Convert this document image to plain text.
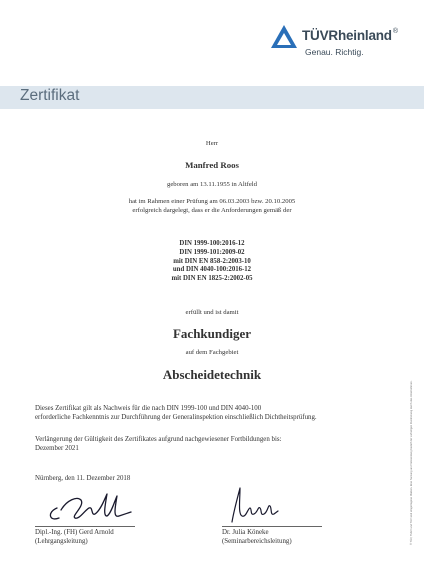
TÜVRheinland®
Genau. Richtig.
Zertifikat
Herr
Manfred Roos
geboren am 13.11.1955 in Altfeld
hat im Rahmen einer Prüfung am 06.03.2003 bzw. 20.10.2005
erfolgreich dargelegt, dass er die Anforderungen gemäß der
DIN 1999-100:2016-12
DIN 1999-101:2009-02
mit DIN EN 858-2:2003-10
und DIN 4040-100:2016-12
mit DIN EN 1825-2:2002-05
erfüllt und ist damit
Fachkundiger
auf dem Fachgebiet
Abscheidetechnik
Dieses Zertifikat gilt als Nachweis für die nach DIN 1999-100 und DIN 4040-100
erforderliche Fachkenntnis zur Durchführung der Generalinspektion einschließlich Dichtheitsprüfung.
Verlängerung der Gültigkeit des Zertifikates aufgrund nachgewiesener Fortbildungen bis:
Dezember 2021
Nürnberg, den 11. Dezember 2018
Dipl.-Ing. (FH) Gerd Arnold
(Lehrgangsleitung)
Dr. Julia Köneke
(Seminarbereichsleitung)	® TÜV, TUEV und TUV sind eingetragene Marken. Eine Nutzung und Verwendung bedarf der vorherigen Zustimmung durch das Unternehmen.
